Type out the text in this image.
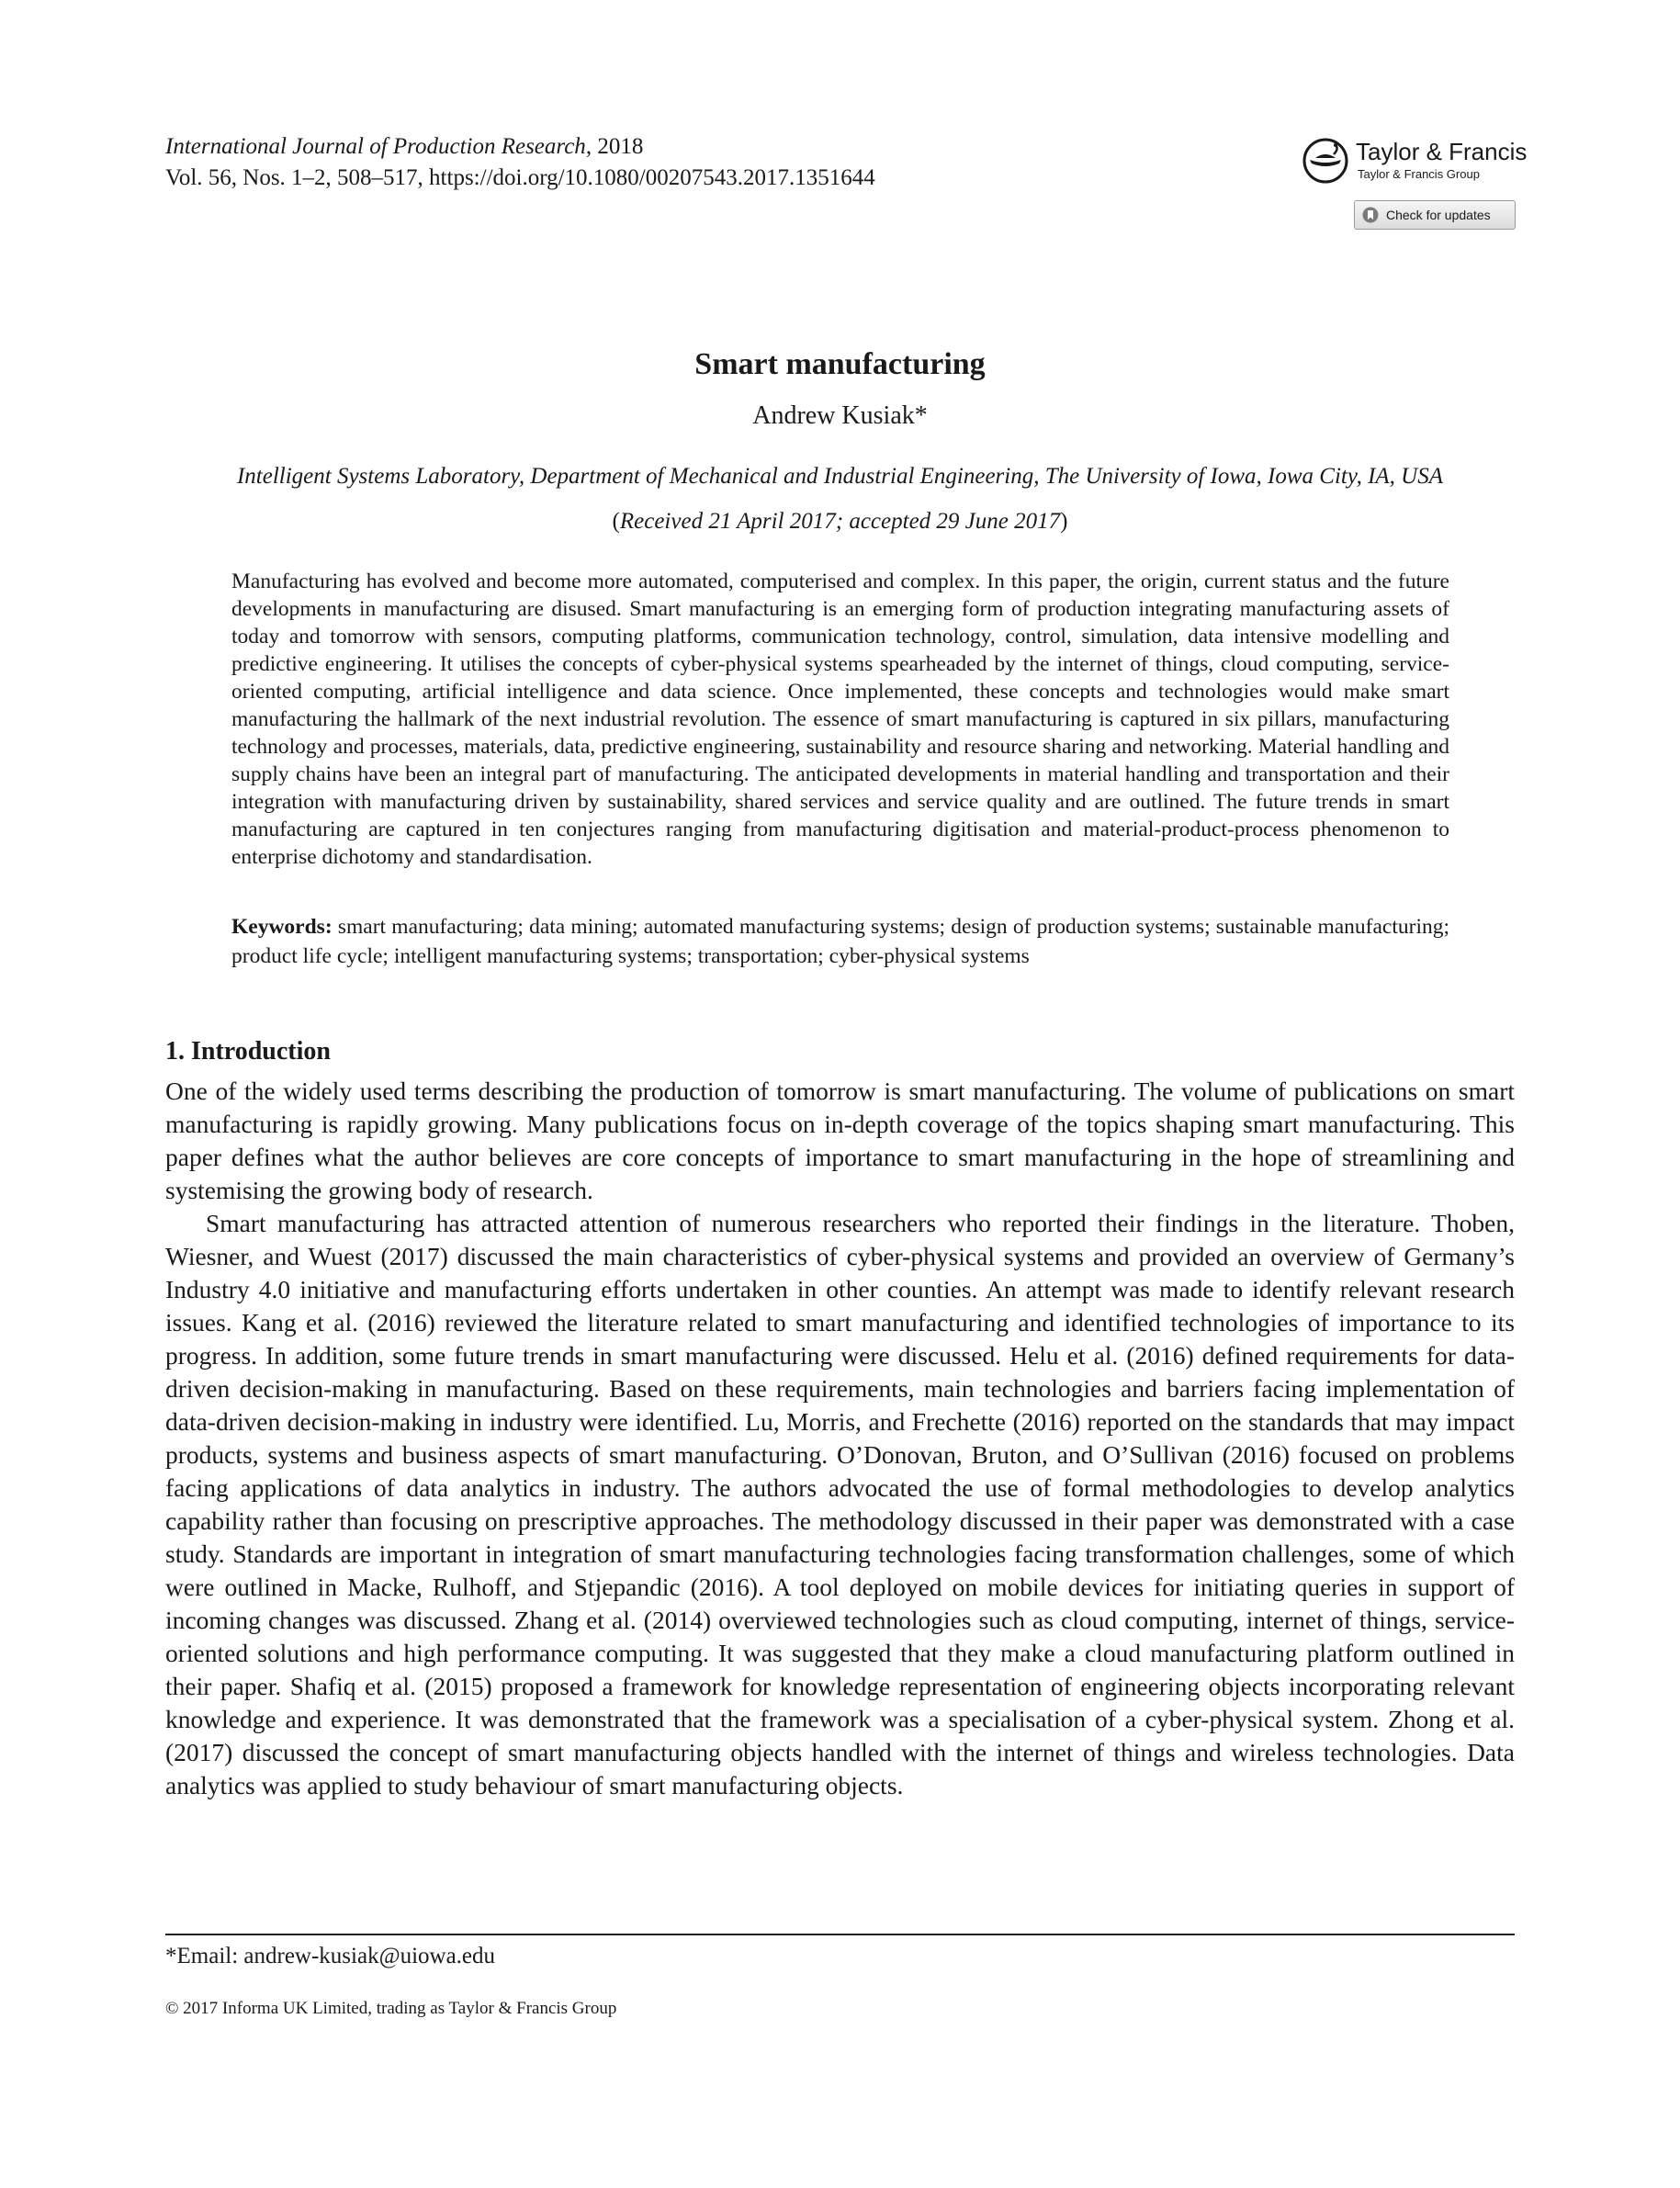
International Journal of Production Research, 2018
Vol. 56, Nos. 1–2, 508–517, https://doi.org/10.1080/00207543.2017.1351644
Taylor & Francis
Taylor & Francis Group
Check for updates
Smart manufacturing
Andrew Kusiak*
Intelligent Systems Laboratory, Department of Mechanical and Industrial Engineering, The University of Iowa, Iowa City, IA, USA
(Received 21 April 2017; accepted 29 June 2017)

Manufacturing has evolved and become more automated, computerised and complex. In this paper, the origin, current status and the future developments in manufacturing are disused. Smart manufacturing is an emerging form of production integrating manufacturing assets of today and tomorrow with sensors, computing platforms, communication technology, control, simulation, data intensive modelling and predictive engineering. It utilises the concepts of cyber-physical systems spearheaded by the internet of things, cloud computing, service-oriented computing, artificial intelligence and data science. Once implemented, these concepts and technologies would make smart manufacturing the hallmark of the next industrial revolution. The essence of smart manufacturing is captured in six pillars, manufacturing technology and processes, materials, data, predictive engineering, sustainability and resource sharing and networking. Material handling and supply chains have been an integral part of manufacturing. The anticipated developments in material handling and transportation and their integration with manufacturing driven by sustainability, shared services and service quality and are outlined. The future trends in smart manufacturing are captured in ten conjectures ranging from manufacturing digitisation and material-product-process phenomenon to enterprise dichotomy and standardisation.

Keywords: smart manufacturing; data mining; automated manufacturing systems; design of production systems; sustainable manufacturing; product life cycle; intelligent manufacturing systems; transportation; cyber-physical systems

1. Introduction

One of the widely used terms describing the production of tomorrow is smart manufacturing. The volume of publications on smart manufacturing is rapidly growing. Many publications focus on in-depth coverage of the topics shaping smart manufacturing. This paper defines what the author believes are core concepts of importance to smart manufacturing in the hope of streamlining and systemising the growing body of research.

Smart manufacturing has attracted attention of numerous researchers who reported their findings in the literature. Thoben, Wiesner, and Wuest (2017) discussed the main characteristics of cyber-physical systems and provided an overview of Germany’s Industry 4.0 initiative and manufacturing efforts undertaken in other counties. An attempt was made to identify relevant research issues. Kang et al. (2016) reviewed the literature related to smart manufacturing and identified technologies of importance to its progress. In addition, some future trends in smart manufacturing were discussed. Helu et al. (2016) defined requirements for data-driven decision-making in manufacturing. Based on these requirements, main technologies and barriers facing implementation of data-driven decision-making in industry were identified. Lu, Morris, and Frechette (2016) reported on the standards that may impact products, systems and business aspects of smart manufacturing. O’Donovan, Bruton, and O’Sullivan (2016) focused on problems facing applications of data analytics in industry. The authors advocated the use of formal methodologies to develop analytics capability rather than focusing on prescriptive approaches. The methodology discussed in their paper was demonstrated with a case study. Standards are important in integration of smart manufacturing technologies facing transformation challenges, some of which were outlined in Macke, Rulhoff, and Stjepandic (2016). A tool deployed on mobile devices for initiating queries in support of incoming changes was discussed. Zhang et al. (2014) overviewed technologies such as cloud computing, internet of things, service-oriented solutions and high performance computing. It was suggested that they make a cloud manufacturing platform outlined in their paper. Shafiq et al. (2015) proposed a framework for knowledge representation of engineering objects incorporating relevant knowledge and experience. It was demonstrated that the framework was a specialisation of a cyber-physical system. Zhong et al. (2017) discussed the concept of smart manufacturing objects handled with the internet of things and wireless technologies. Data analytics was applied to study behaviour of smart manufacturing objects.

*Email: andrew-kusiak@uiowa.edu
© 2017 Informa UK Limited, trading as Taylor & Francis Group
